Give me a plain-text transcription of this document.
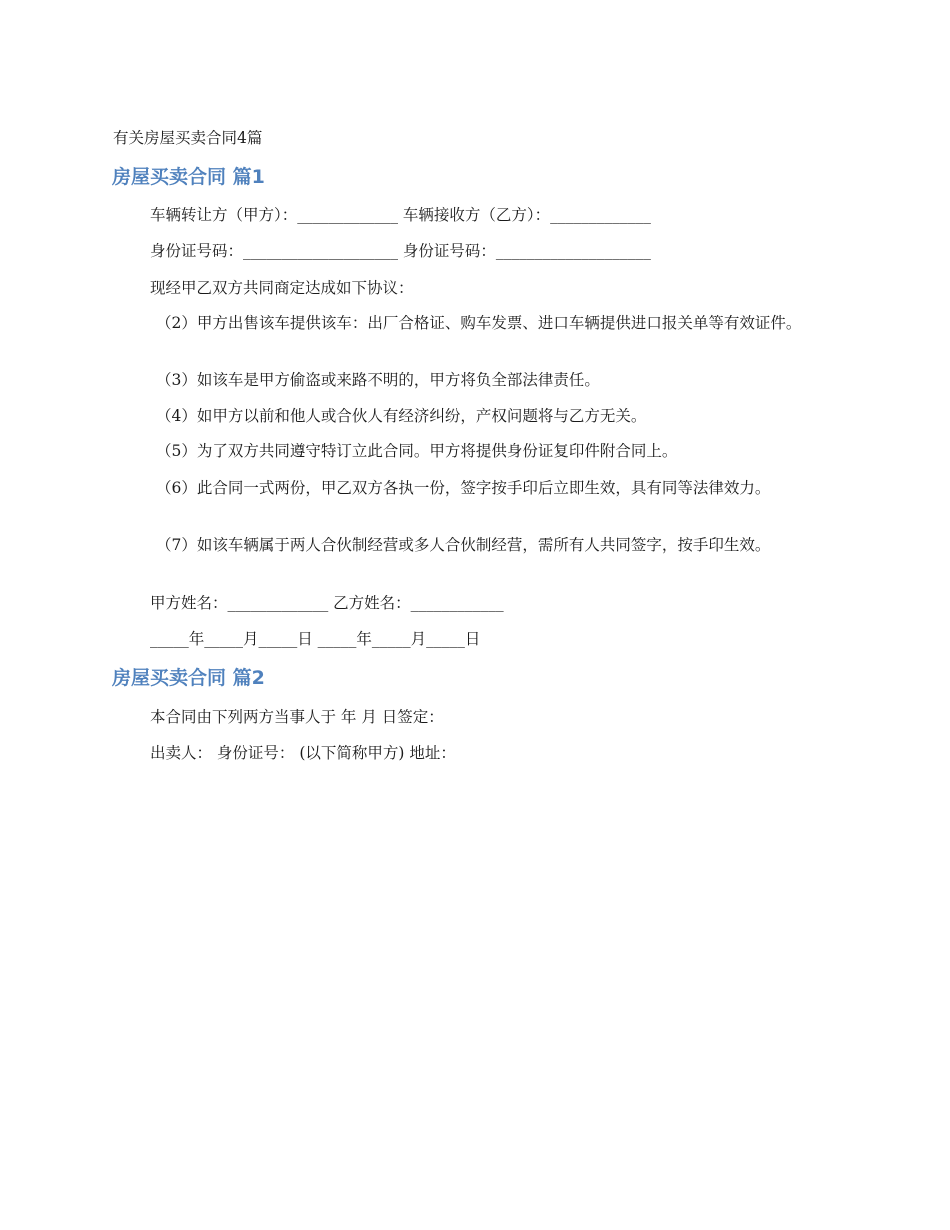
有关房屋买卖合同4篇
房屋买卖合同 篇1
车辆转让方（甲方）：_____________ 车辆接收方（乙方）：_____________
身份证号码：____________________ 身份证号码：____________________
现经甲乙双方共同商定达成如下协议：
（2）甲方出售该车提供该车：出厂合格证、购车发票、进口车辆提供进口报关单等有效证件。
（3）如该车是甲方偷盗或来路不明的，甲方将负全部法律责任。
（4）如甲方以前和他人或合伙人有经济纠纷，产权问题将与乙方无关。
（5）为了双方共同遵守特订立此合同。甲方将提供身份证复印件附合同上。
（6）此合同一式两份，甲乙双方各执一份，签字按手印后立即生效，具有同等法律效力。
（7）如该车辆属于两人合伙制经营或多人合伙制经营，需所有人共同签字，按手印生效。
甲方姓名：_____________ 乙方姓名：____________
_____年_____月_____日 _____年_____月_____日
房屋买卖合同 篇2
本合同由下列两方当事人于 年 月 日签定：
出卖人： 身份证号： (以下简称甲方) 地址：
